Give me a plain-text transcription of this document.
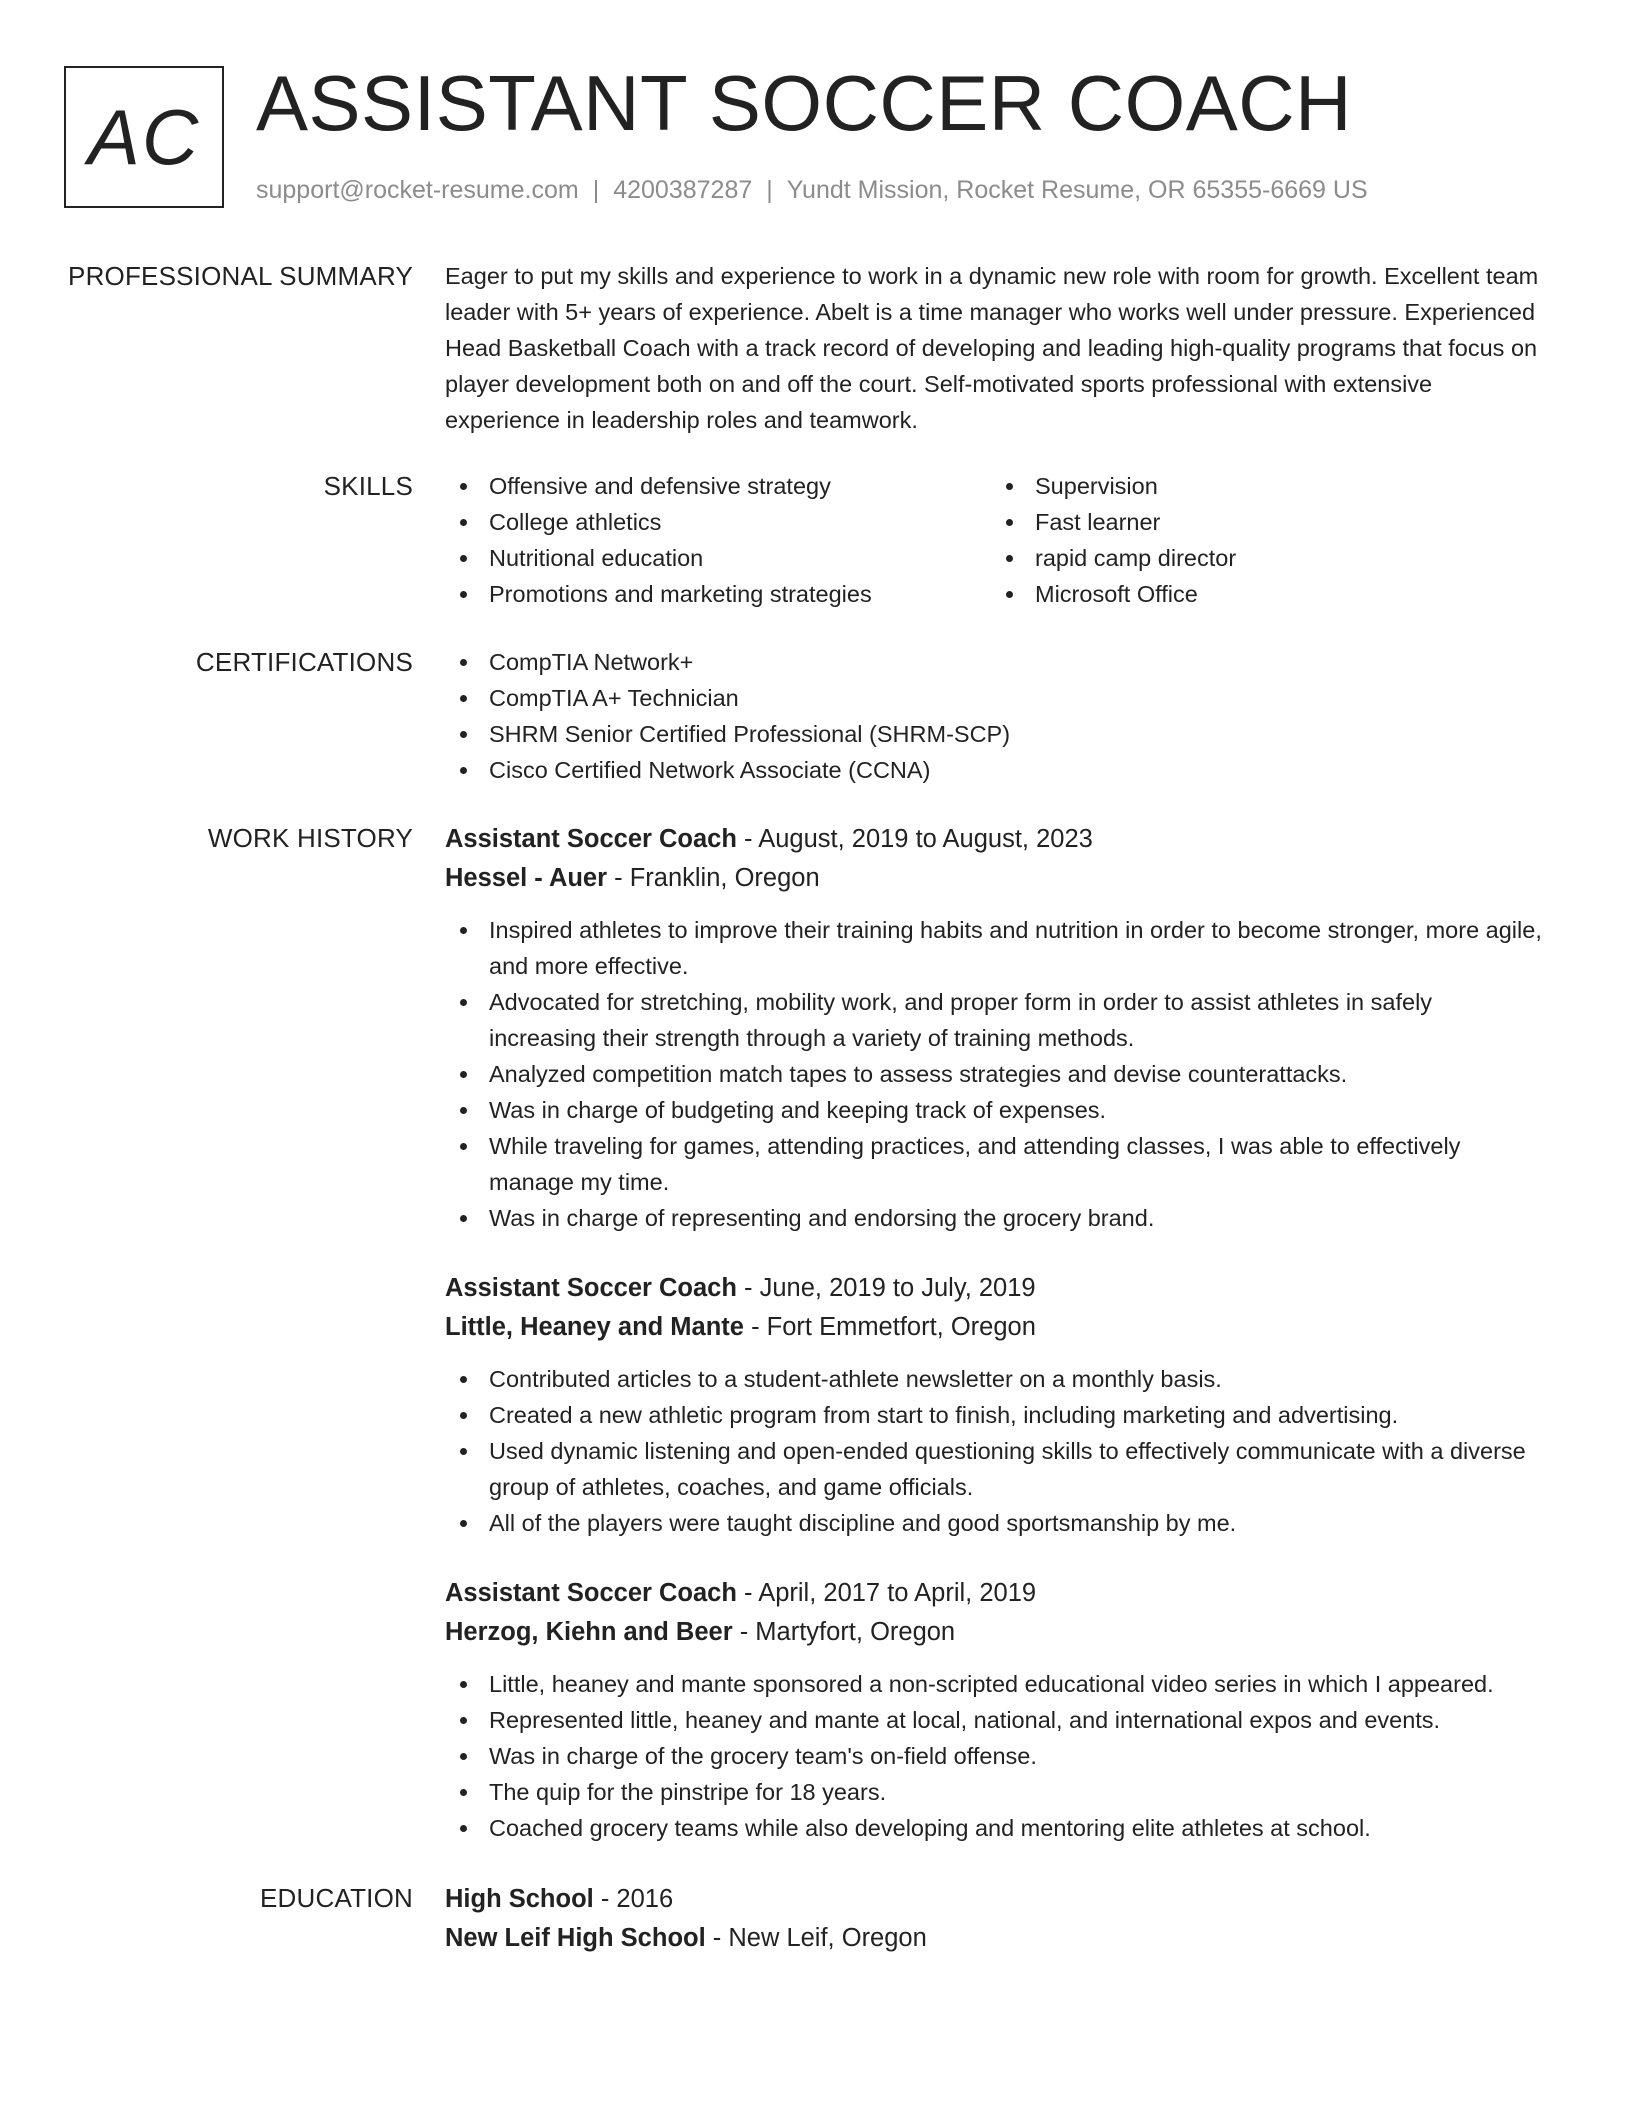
AC ASSISTANT SOCCER COACH
support@rocket-resume.com | 4200387287 | Yundt Mission, Rocket Resume, OR 65355-6669 US
PROFESSIONAL SUMMARY Eager to put my skills and experience to work in a dynamic new role with room for growth. Excellent team leader with 5+ years of experience. Abelt is a time manager who works well under pressure. Experienced Head Basketball Coach with a track record of developing and leading high-quality programs that focus on player development both on and off the court. Self-motivated sports professional with extensive experience in leadership roles and teamwork.

SKILLS	Offensive and defensive strategy
College athletics
Nutritional education
Promotions and marketing strategies
Supervision
Fast learner
rapid camp director
Microsoft Office
CERTIFICATIONS	CompTIA Network+
CompTIA A+ Technician
SHRM Senior Certified Professional (SHRM-SCP)
Cisco Certified Network Associate (CCNA)
WORK HISTORY Assistant Soccer Coach - August, 2019 to August, 2023
Hessel - Auer - Franklin, Oregon
Inspired athletes to improve their training habits and nutrition in order to become stronger, more agile, and more effective.
Advocated for stretching, mobility work, and proper form in order to assist athletes in safely increasing their strength through a variety of training methods.
Analyzed competition match tapes to assess strategies and devise counterattacks.
Was in charge of budgeting and keeping track of expenses.
While traveling for games, attending practices, and attending classes, I was able to effectively manage my time.
Was in charge of representing and endorsing the grocery brand.
Assistant Soccer Coach - June, 2019 to July, 2019
Little, Heaney and Mante - Fort Emmetfort, Oregon
Contributed articles to a student-athlete newsletter on a monthly basis.
Created a new athletic program from start to finish, including marketing and advertising.
Used dynamic listening and open-ended questioning skills to effectively communicate with a diverse group of athletes, coaches, and game officials.
All of the players were taught discipline and good sportsmanship by me.
Assistant Soccer Coach - April, 2017 to April, 2019
Herzog, Kiehn and Beer - Martyfort, Oregon
Little, heaney and mante sponsored a non-scripted educational video series in which I appeared.
Represented little, heaney and mante at local, national, and international expos and events.
Was in charge of the grocery team's on-field offense.
The quip for the pinstripe for 18 years.
Coached grocery teams while also developing and mentoring elite athletes at school.
EDUCATION High School - 2016
New Leif High School - New Leif, Oregon
